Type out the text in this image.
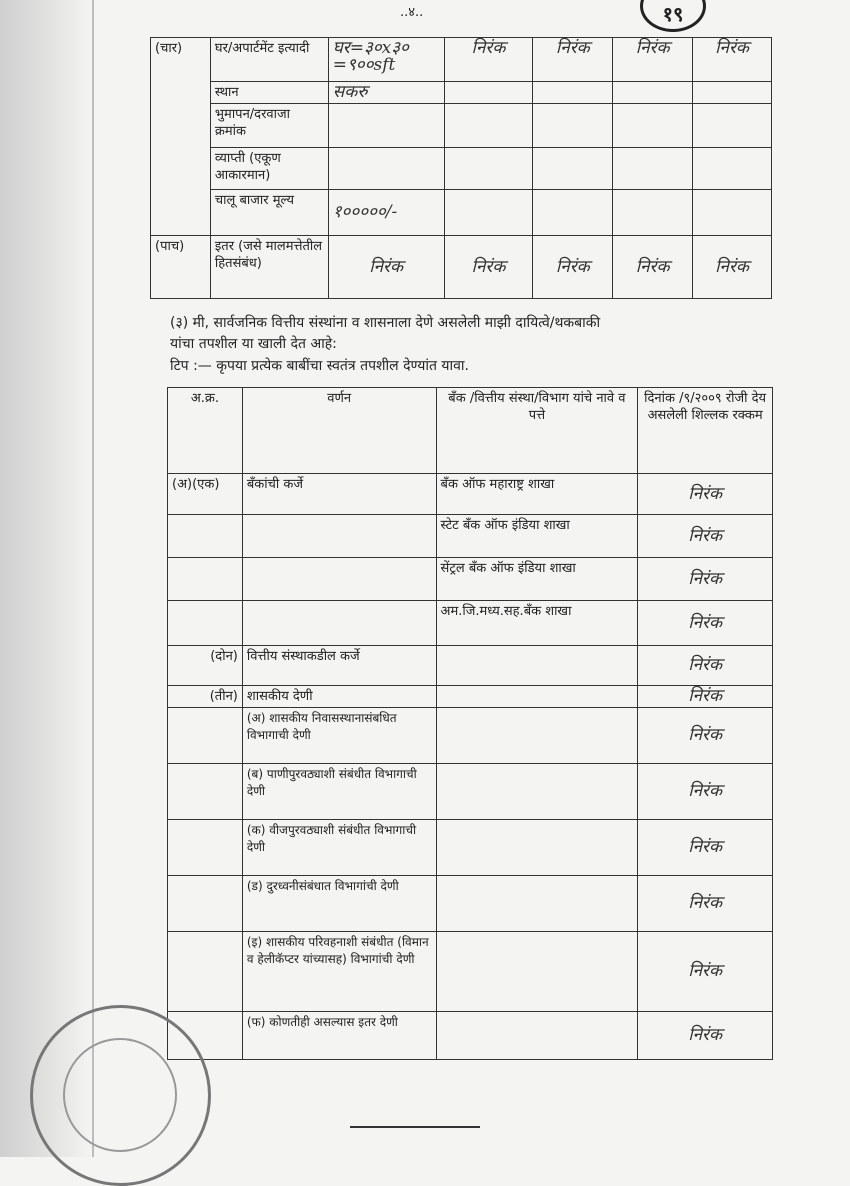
..४..	१९
(चार)	घर/अपार्टमेंट इत्यादी	घर=३०x३० =९००sft	निरंक	निरंक	निरंक	निरंक
	स्थान	सकरु				
	भुमापन/दरवाजा क्रमांक					
	व्याप्ती (एकूण आकारमान)					
	चालू बाजार मूल्य	१०००००/-				
(पाच)	इतर (जसे मालमत्तेतील हितसंबंध)	निरंक	निरंक	निरंक	निरंक	निरंक
(३) मी, सार्वजनिक वित्तीय संस्थांना व शासनाला देणे असलेली माझी दायित्वे/थकबाकी
यांचा तपशील या खाली देत आहे:
टिप :— कृपया प्रत्येक बाबींचा स्वतंत्र तपशील देण्यांत यावा.
अ.क्र.	वर्णन	बँक /वित्तीय संस्था/विभाग यांचे नावे व पत्ते	दिनांक /९/२००९ रोजी देय असलेली शिल्लक रक्कम
(अ)(एक)	बँकांची कर्जे	बँक ऑफ महाराष्ट्र शाखा	निरंक
		स्टेट बँक ऑफ इंडिया शाखा	निरंक
		सेंट्रल बँक ऑफ इंडिया शाखा	निरंक
		अम.जि.मध्य.सह.बँक शाखा	निरंक
(दोन)	वित्तीय संस्थाकडील कर्जे		निरंक
(तीन)	शासकीय देणी		निरंक
	(अ) शासकीय निवासस्थानासंबधित विभागाची देणी		निरंक
	(ब) पाणीपुरवठ्याशी संबंधीत विभागाची देणी		निरंक
	(क) वीजपुरवठ्याशी संबंधीत विभागाची देणी		निरंक
	(ड) दुरध्वनीसंबंधात विभागांची देणी		निरंक
	(इ) शासकीय परिवहनाशी संबंधीत (विमान व हेलीकॅप्टर यांच्यासह) विभागांची देणी		निरंक
	(फ) कोणतीही असल्यास इतर देणी		निरंक
